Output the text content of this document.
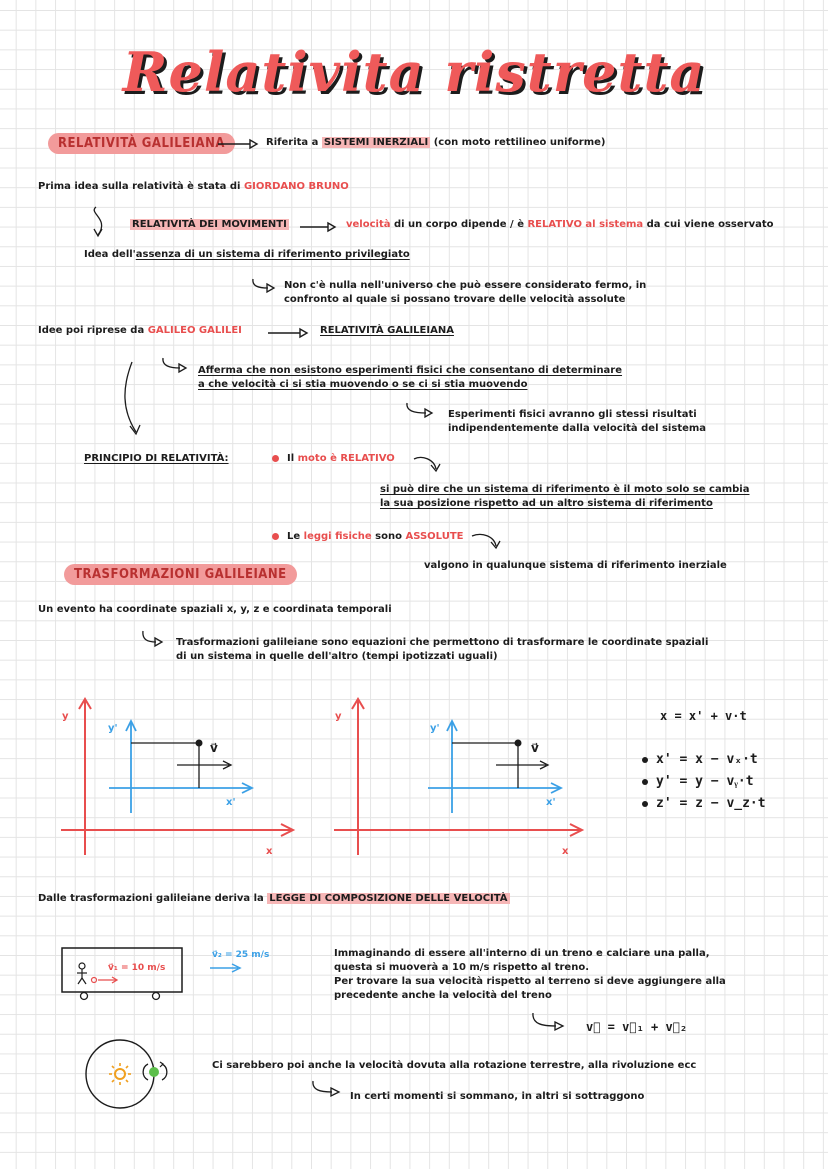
Relativita ristretta
RELATIVITÀ GALILEIANA	Riferita a SISTEMI INERZIALI (con moto rettilineo uniforme)
Prima idea sulla relatività è stata di GIORDANO BRUNO
RELATIVITÀ DEI MOVIMENTI	velocità di un corpo dipende / è RELATIVO al sistema da cui viene osservato
Idea dell'assenza di un sistema di riferimento privilegiato
Non c'è nulla nell'universo che può essere considerato fermo, in
confronto al quale si possano trovare delle velocità assolute
Idee poi riprese da GALILEO GALILEI	RELATIVITÀ GALILEIANA
Afferma che non esistono esperimenti fisici che consentano di determinare
a che velocità ci si stia muovendo o se ci si stia muovendo
Esperimenti fisici avranno gli stessi risultati
indipendentemente dalla velocità del sistema
PRINCIPIO DI RELATIVITÀ:	Il moto è RELATIVO
si può dire che un sistema di riferimento è il moto solo se cambia
la sua posizione rispetto ad un altro sistema di riferimento
Le leggi fisiche sono ASSOLUTE
valgono in qualunque sistema di riferimento inerziale
TRASFORMAZIONI GALILEIANE
Un evento ha coordinate spaziali x, y, z e coordinata temporali
Trasformazioni galileiane sono equazioni che permettono di trasformare le coordinate spaziali
di un sistema in quelle dell'altro (tempi ipotizzati uguali)
y
y'
x'
x
v⃗
y
y'
x'
x
v⃗
x = x' + v·t
x' = x − vₓ·t
y' = y − vᵧ·t
z' = z − v_z·t
Dalle trasformazioni galileiane deriva la LEGGE DI COMPOSIZIONE DELLE VELOCITÀ
v⃗₁ = 10 m/s
v⃗₂ = 25 m/s	Immaginando di essere all'interno di un treno e calciare una palla,
questa si muoverà a 10 m/s rispetto al treno.
Per trovare la sua velocità rispetto al terreno si deve aggiungere alla
precedente anche la velocità del treno
v⃗ = v⃗₁ + v⃗₂
Ci sarebbero poi anche la velocità dovuta alla rotazione terrestre, alla rivoluzione ecc
In certi momenti si sommano, in altri si sottraggono
